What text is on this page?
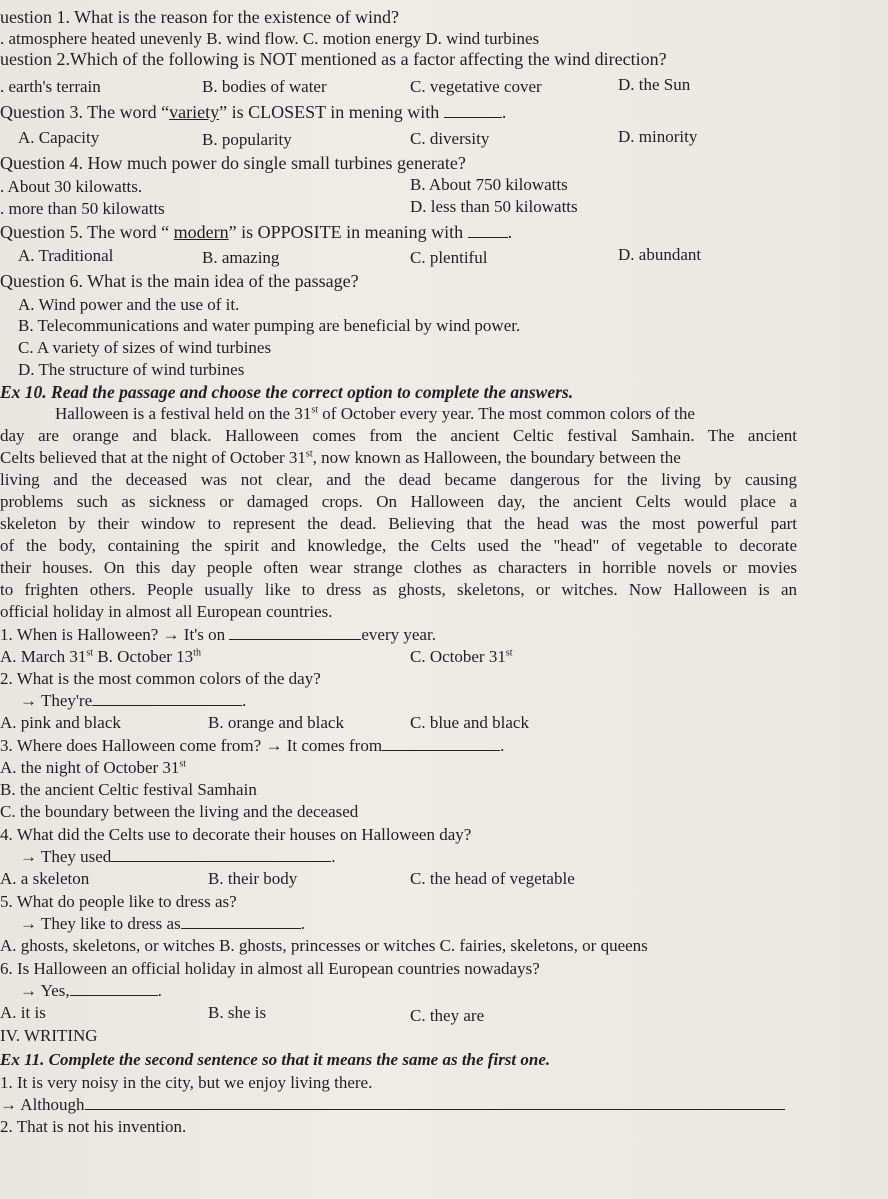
uestion 1. What is the reason for the existence of wind?
. atmosphere heated unevenly B. wind flow. C. motion energy D. wind turbines
uestion 2.Which of the following is NOT mentioned as a factor affecting the wind direction?
. earth's terrain	B. bodies of water	C. vegetative cover	D. the Sun
Question 3. The word “variety” is CLOSEST in mening with	.
A. Capacity	B. popularity	C. diversity	D. minority
Question 4. How much power do single small turbines generate?
. About 30 kilowatts.	B. About 750 kilowatts
. more than 50 kilowatts	D. less than 50 kilowatts
Question 5. The word “ modern” is OPPOSITE in meaning with .
A. Traditional	B. amazing	C. plentiful	D. abundant
Question 6. What is the main idea of the passage?
A. Wind power and the use of it.
B. Telecommunications and water pumping are beneficial by wind power.
C. A variety of sizes of wind turbines
D. The structure of wind turbines
Ex 10. Read the passage and choose the correct option to complete the answers.
Halloween is a festival held on the 31st of October every year. The most common colors of the
day are orange and black. Halloween comes from the ancient Celtic festival Samhain. The ancient
Celts believed that at the night of October 31st, now known as Halloween, the boundary between the
living and the deceased was not clear, and the dead became dangerous for the living by causing
problems such as sickness or damaged crops. On Halloween day, the ancient Celts would place a
skeleton by their window to represent the dead. Believing that the head was the most powerful part
of the body, containing the spirit and knowledge, the Celts used the "head" of vegetable to decorate
their houses. On this day people often wear strange clothes as characters in horrible novels or movies
to frighten others. People usually like to dress as ghosts, skeletons, or witches. Now Halloween is an
official holiday in almost all European countries.
1. When is Halloween? → It's on	every year.
A. March 31st B. October 13th	C. October 31st
2. What is the most common colors of the day?
→ They're	.
A. pink and black	B. orange and black	C. blue and black
3. Where does Halloween come from? → It comes from	.
A. the night of October 31st
B. the ancient Celtic festival Samhain
C. the boundary between the living and the deceased
4. What did the Celts use to decorate their houses on Halloween day?
→ They used	.
A. a skeleton	B. their body	C. the head of vegetable
5. What do people like to dress as?
→ They like to dress as	.
A. ghosts, skeletons, or witches B. ghosts, princesses or witches C. fairies, skeletons, or queens
6. Is Halloween an official holiday in almost all European countries nowadays?
→ Yes,	.
A. it is	B. she is	C. they are
IV. WRITING
Ex 11. Complete the second sentence so that it means the same as the first one.
1. It is very noisy in the city, but we enjoy living there.
→ Although
2. That is not his invention.
